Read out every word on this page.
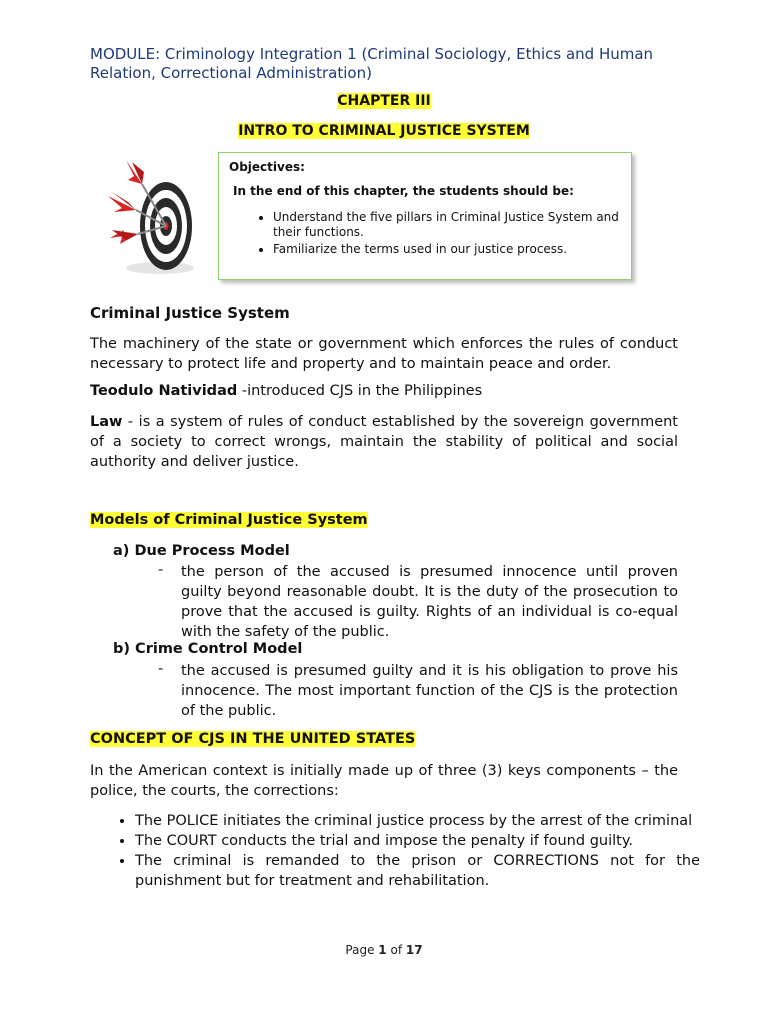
MODULE: Criminology Integration 1 (Criminal Sociology, Ethics and Human Relation, Correctional Administration)
CHAPTER III
INTRO TO CRIMINAL JUSTICE SYSTEM
Objectives:
In the end of this chapter, the students should be:
• Understand the five pillars in Criminal Justice System and their functions.
• Familiarize the terms used in our justice process.
Criminal Justice System
The machinery of the state or government which enforces the rules of conduct necessary to protect life and property and to maintain peace and order.
Teodulo Natividad -introduced CJS in the Philippines
Law - is a system of rules of conduct established by the sovereign government of a society to correct wrongs, maintain the stability of political and social authority and deliver justice.
Models of Criminal Justice System
a) Due Process Model
- the person of the accused is presumed innocence until proven guilty beyond reasonable doubt. It is the duty of the prosecution to prove that the accused is guilty. Rights of an individual is co-equal with the safety of the public.
b) Crime Control Model
- the accused is presumed guilty and it is his obligation to prove his innocence. The most important function of the CJS is the protection of the public.
CONCEPT OF CJS IN THE UNITED STATES
In the American context is initially made up of three (3) keys components – the police, the courts, the corrections:
• The POLICE initiates the criminal justice process by the arrest of the criminal
• The COURT conducts the trial and impose the penalty if found guilty.
• The criminal is remanded to the prison or CORRECTIONS not for the punishment but for treatment and rehabilitation.
Page 1 of 17
